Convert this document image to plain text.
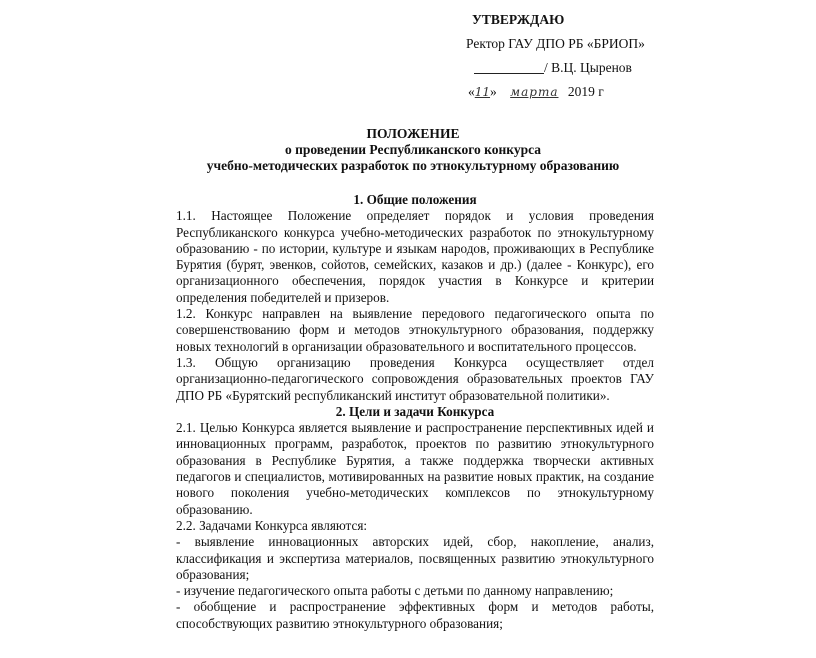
УТВЕРЖДАЮ
Ректор ГАУ ДПО РБ «БРИОП»
/ В.Ц. Цыренов
«11» марта 2019 г
ПОЛОЖЕНИЕ
о проведении Республиканского конкурса
учебно-методических разработок по этнокультурному образованию

1. Общие положения

1.1. Настоящее Положение определяет порядок и условия проведения Республиканского конкурса учебно-методических разработок по этнокультурному образованию - по истории, культуре и языкам народов, проживающих в Республике Бурятия (бурят, эвенков, сойотов, семейских, казаков и др.) (далее - Конкурс), его организационного обеспечения, порядок участия в Конкурсе и критерии определения победителей и призеров.

1.2. Конкурс направлен на выявление передового педагогического опыта по совершенствованию форм и методов этнокультурного образования, поддержку новых технологий в организации образовательного и воспитательного процессов.

1.3. Общую организацию проведения Конкурса осуществляет отдел организационно-педагогического сопровождения образовательных проектов ГАУ ДПО РБ «Бурятский республиканский институт образовательной политики».

2. Цели и задачи Конкурса

2.1. Целью Конкурса является выявление и распространение перспективных идей и инновационных программ, разработок, проектов по развитию этнокультурного образования в Республике Бурятия, а также поддержка творчески активных педагогов и специалистов, мотивированных на развитие новых практик, на создание нового поколения учебно-методических комплексов по этнокультурному образованию.

2.2. Задачами Конкурса являются:

- выявление инновационных авторских идей, сбор, накопление, анализ, классификация и экспертиза материалов, посвященных развитию этнокультурного образования;

- изучение педагогического опыта работы с детьми по данному направлению;

- обобщение и распространение эффективных форм и методов работы, способствующих развитию этнокультурного образования;
